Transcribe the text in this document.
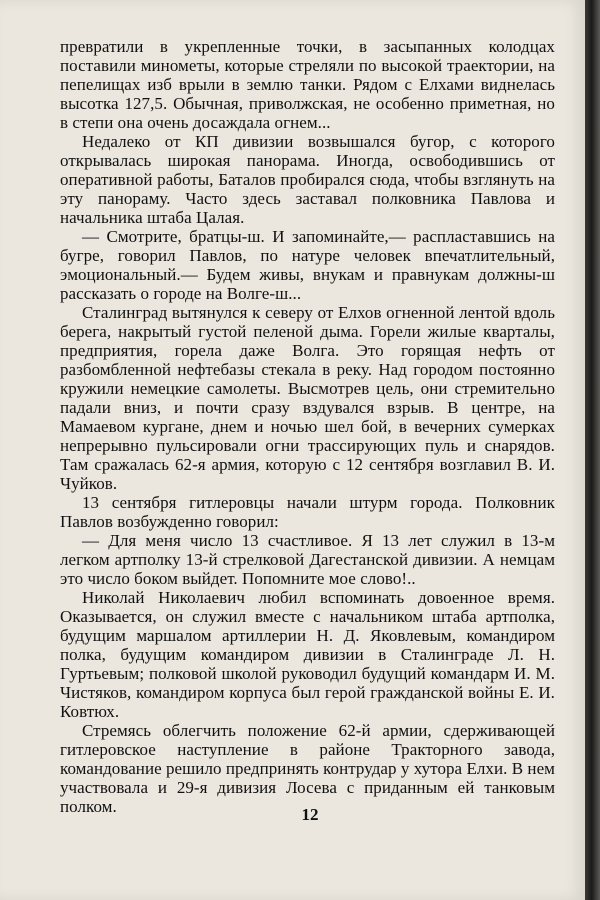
превратили в укрепленные точки, в засыпанных колодцах поставили минометы, которые стреляли по высокой траектории, на пепелищах изб врыли в землю танки. Рядом с Елхами виднелась высотка 127,5. Обычная, приволжская, не особенно приметная, но в степи она очень досаждала огнем...

Недалеко от КП дивизии возвышался бугор, с которого открывалась широкая панорама. Иногда, освободившись от оперативной работы, Баталов пробирался сюда, чтобы взглянуть на эту панораму. Часто здесь заставал полковника Павлова и начальника штаба Цалая.

— Смотрите, братцы-ш. И запоминайте,— распластавшись на бугре, говорил Павлов, по натуре человек впечатлительный, эмоциональный.— Будем живы, внукам и правнукам должны-ш рассказать о городе на Волге-ш...

Сталинград вытянулся к северу от Елхов огненной лентой вдоль берега, накрытый густой пеленой дыма. Горели жилые кварталы, предприятия, горела даже Волга. Это горящая нефть от разбомбленной нефтебазы стекала в реку. Над городом постоянно кружили немецкие самолеты. Высмотрев цель, они стремительно падали вниз, и почти сразу вздувался взрыв. В центре, на Мамаевом кургане, днем и ночью шел бой, в вечерних сумерках непрерывно пульсировали огни трассирующих пуль и снарядов. Там сражалась 62-я армия, которую с 12 сентября возглавил В. И. Чуйков.

13 сентября гитлеровцы начали штурм города. Полковник Павлов возбужденно говорил:

— Для меня число 13 счастливое. Я 13 лет служил в 13-м легком артполку 13-й стрелковой Дагестанской дивизии. А немцам это число боком выйдет. Попомните мое слово!..

Николай Николаевич любил вспоминать довоенное время. Оказывается, он служил вместе с начальником штаба артполка, будущим маршалом артиллерии Н. Д. Яковлевым, командиром полка, будущим командиром дивизии в Сталинграде Л. Н. Гуртьевым; полковой школой руководил будущий командарм И. М. Чистяков, командиром корпуса был герой гражданской войны Е. И. Ковтюх.

Стремясь облегчить положение 62-й армии, сдерживающей гитлеровское наступление в районе Тракторного завода, командование решило предпринять контрудар у хутора Елхи. В нем участвовала и 29-я дивизия Лосева с приданным ей танковым полком.	12
